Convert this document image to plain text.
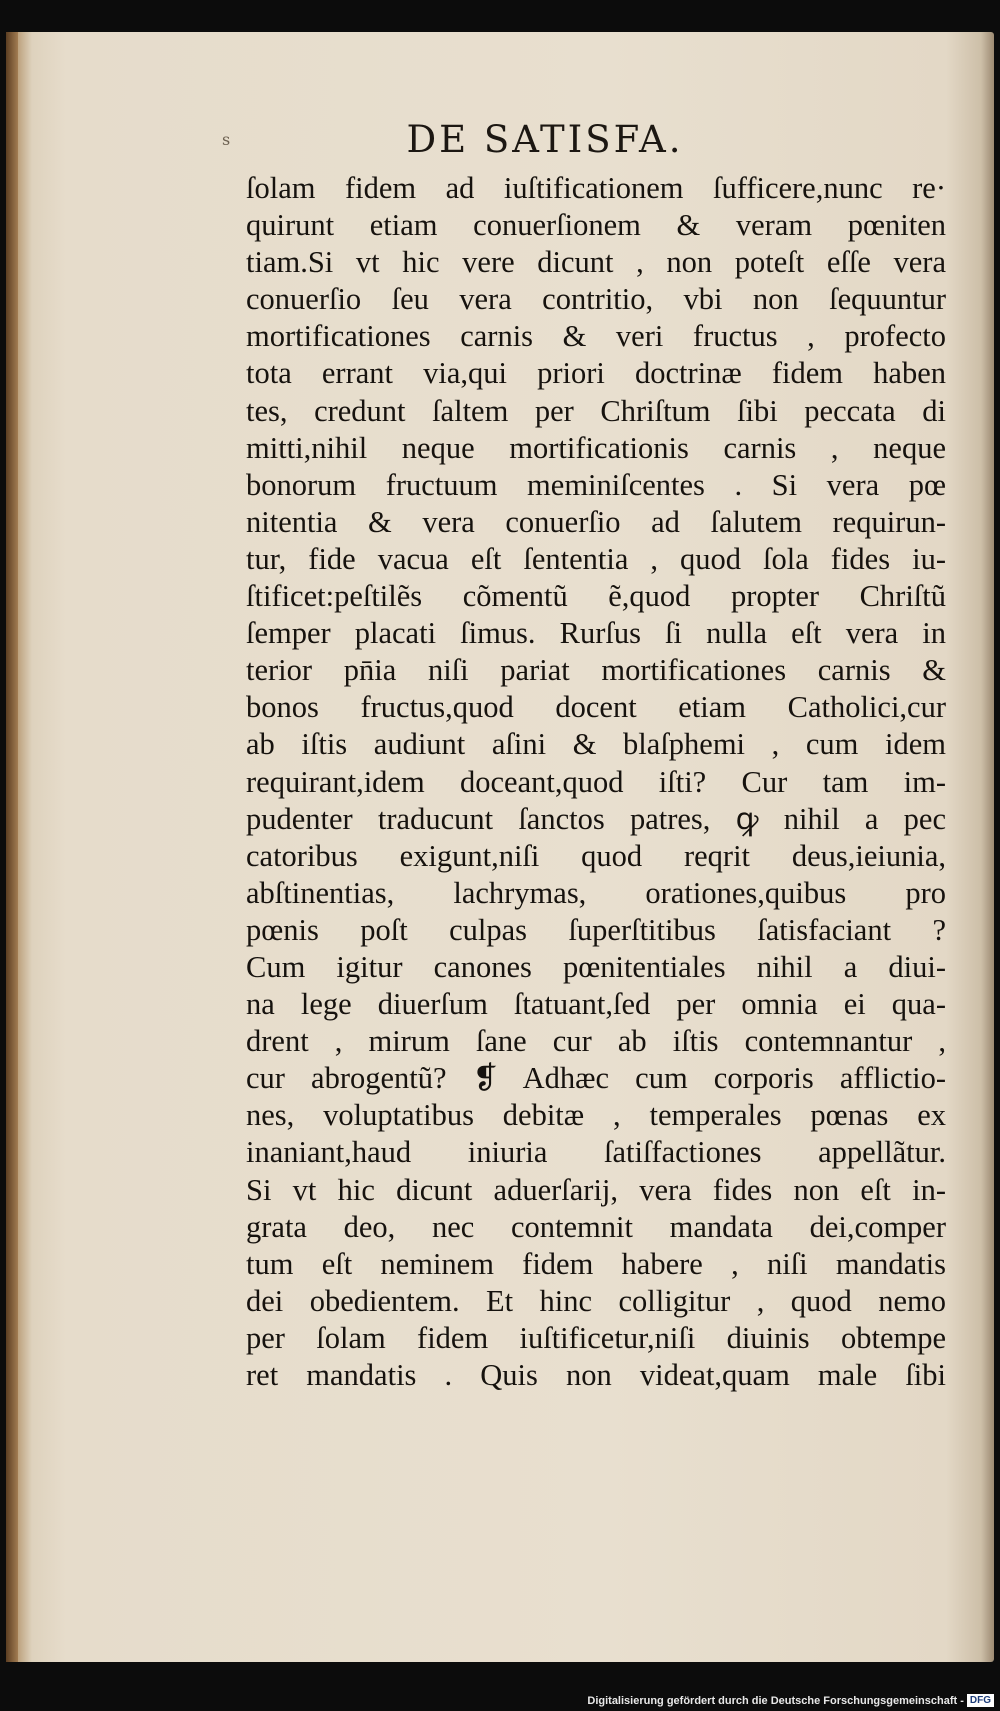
s	DE SATISFA.
ſolam fidem ad iuſtificationem ſufficere,nunc re·
quirunt etiam conuerſionem & veram pœniten
tiam.Si vt hic vere dicunt , non poteſt eſſe vera
conuerſio ſeu vera contritio, vbi non ſequuntur
mortificationes carnis & veri fructus , profecto
tota errant via,qui priori doctrinæ fidem haben
tes, credunt ſaltem per Chriſtum ſibi peccata di
mitti,nihil neque mortificationis carnis , neque
bonorum fructuum meminiſcentes . Si vera pœ
nitentia & vera conuerſio ad ſalutem requirun-
tur, fide vacua eſt ſententia , quod ſola fides iu-
ſtificet:peſtilẽs cõmentũ ẽ,quod propter Chriſtũ
ſemper placati ſimus. Rurſus ſi nulla eſt vera in
terior pn̄ia niſi pariat mortificationes carnis &
bonos fructus,quod docent etiam Catholici,cur
ab iſtis audiunt aſini & blaſphemi , cum idem
requirant,idem doceant,quod iſti? Cur tam im-
pudenter traducunt ſanctos patres, ꝙ nihil a pec
catoribus exigunt,niſi quod reqrit deus,ieiunia,
abſtinentias, lachrymas, orationes,quibus pro
pœnis poſt culpas ſuperſtitibus ſatisfaciant ?
Cum igitur canones pœnitentiales nihil a diui-
na lege diuerſum ſtatuant,ſed per omnia ei qua-
drent , mirum ſane cur ab iſtis contemnantur ,
cur abrogentũ? ❡ Adhæc cum corporis afflictio-
nes, voluptatibus debitæ , temperales pœnas ex
inaniant,haud iniuria ſatiſfactiones appellãtur.
Si vt hic dicunt aduerſarij, vera fides non eſt in-
grata deo, nec contemnit mandata dei,comper
tum eſt neminem fidem habere , niſi mandatis
dei obedientem. Et hinc colligitur , quod nemo
per ſolam fidem iuſtificetur,niſi diuinis obtempe
ret mandatis . Quis non videat,quam male ſibi
Digitalisierung gefördert durch die Deutsche Forschungsgemeinschaft - DFG
